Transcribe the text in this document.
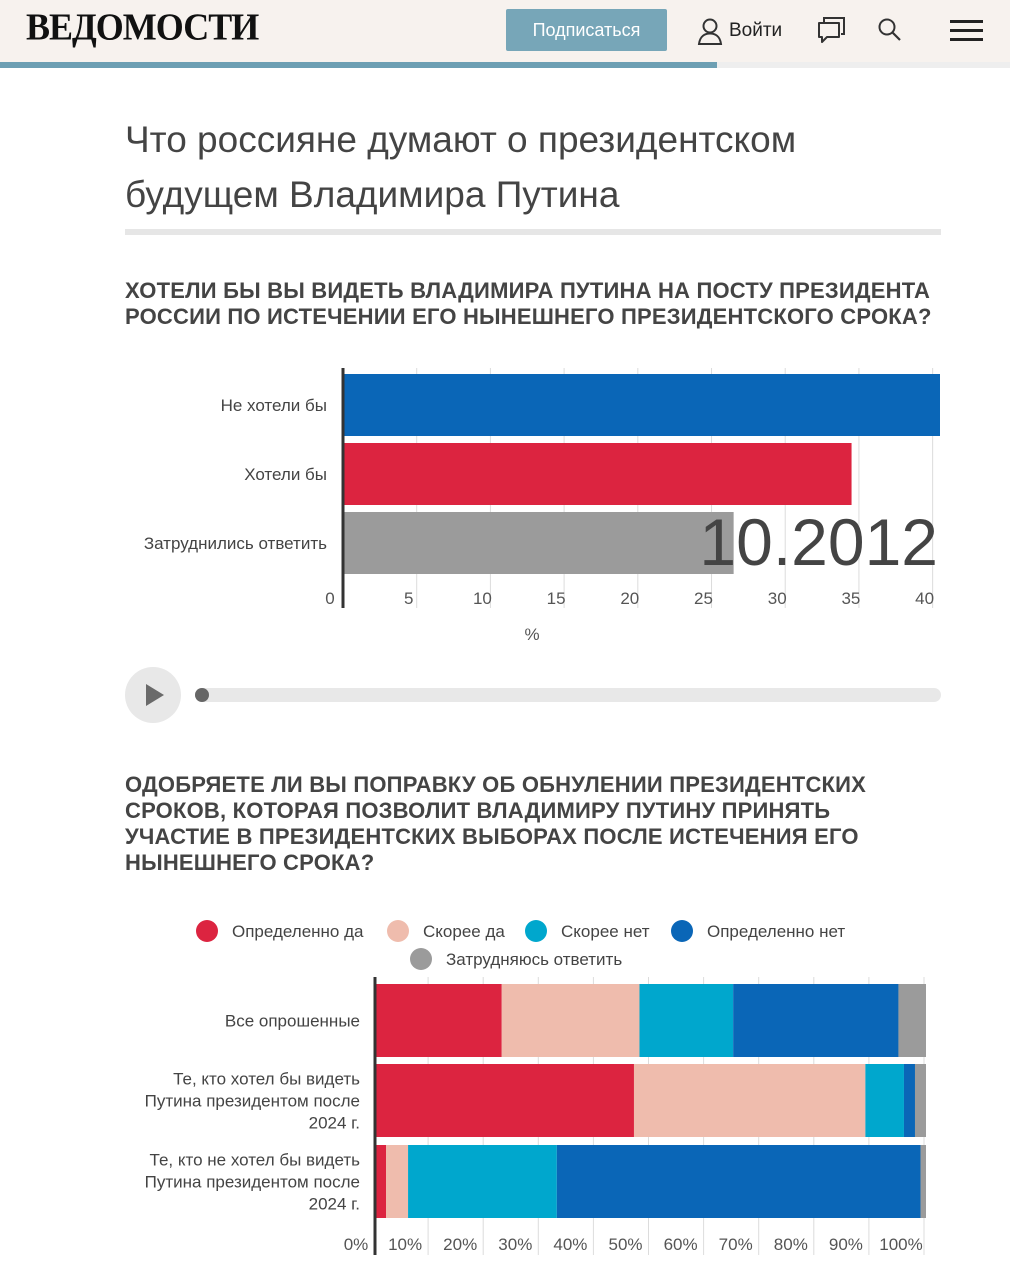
ВЕДОМОСТИ	Подписаться	Войти
Что россияне думают о президентском будущем Владимира Путина
ХОТЕЛИ БЫ ВЫ ВИДЕТЬ ВЛАДИМИРА ПУТИНА НА ПОСТУ ПРЕЗИДЕНТА РОССИИ ПО ИСТЕЧЕНИИ ЕГО НЫНЕШНЕГО ПРЕЗИДЕНТСКОГО СРОКА?
Не хотели бы
Хотели бы
Затруднились ответить
0	5	10	15	20	25	30	35	40
%
10.2012
ОДОБРЯЕТЕ ЛИ ВЫ ПОПРАВКУ ОБ ОБНУЛЕНИИ ПРЕЗИДЕНТСКИХ СРОКОВ, КОТОРАЯ ПОЗВОЛИТ ВЛАДИМИРУ ПУТИНУ ПРИНЯТЬ УЧАСТИЕ В ПРЕЗИДЕНТСКИХ ВЫБОРАХ ПОСЛЕ ИСТЕЧЕНИЯ ЕГО НЫНЕШНЕГО СРОКА?
Определенно да	Скорее да	Скорее нет	Определенно нет
Затрудняюсь ответить
Все опрошенные
Те, кто хотел бы видеть
Путина президентом после
2024 г.
Те, кто не хотел бы видеть
Путина президентом после
2024 г.
0% 10% 20% 30% 40% 50% 60% 70% 80% 90% 100%
